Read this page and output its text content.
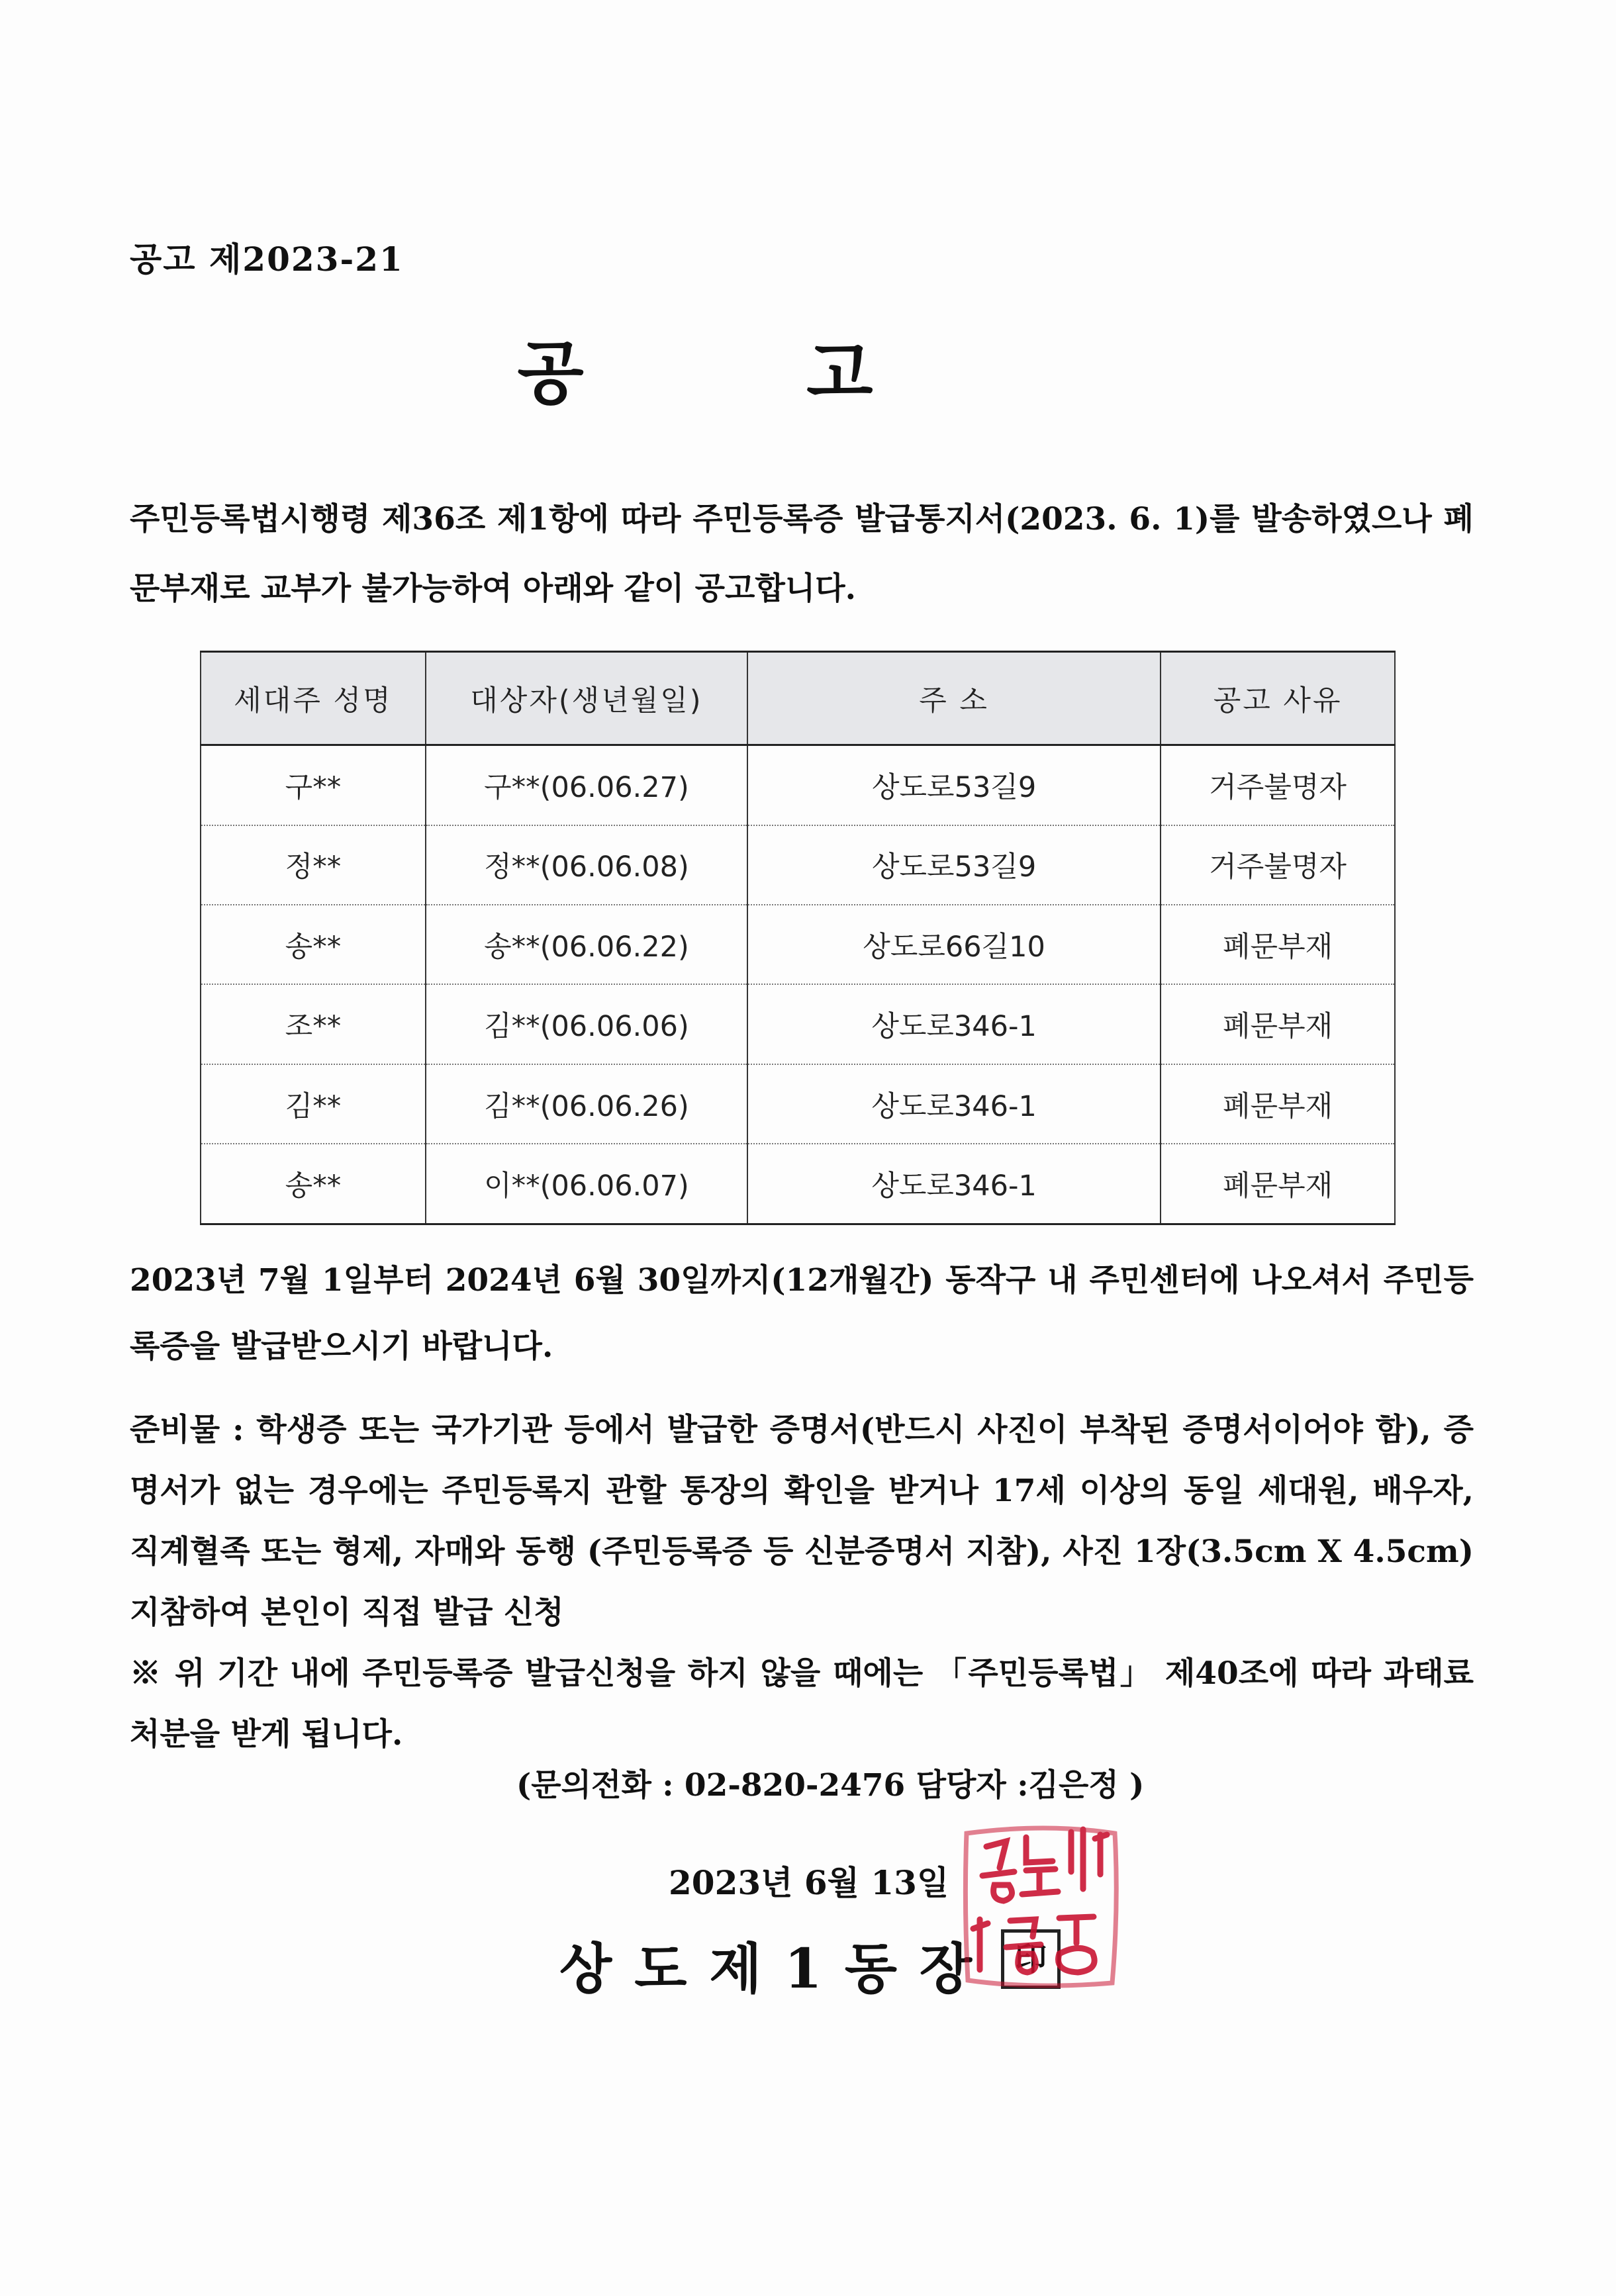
공고 제2023-21
공 고
주민등록법시행령 제36조 제1항에 따라 주민등록증 발급통지서(2023. 6. 1)를 발송하였으나 폐문부재로 교부가 불가능하여 아래와 같이 공고합니다.
세대주 성명	대상자(생년월일)	주 소	공고 사유
구**	구**(06.06.27)	상도로53길9	거주불명자
정**	정**(06.06.08)	상도로53길9	거주불명자
송**	송**(06.06.22)	상도로66길10	폐문부재
조**	김**(06.06.06)	상도로346-1	폐문부재
김**	김**(06.06.26)	상도로346-1	폐문부재
송**	이**(06.06.07)	상도로346-1	폐문부재
2023년 7월 1일부터 2024년 6월 30일까지(12개월간) 동작구 내 주민센터에 나오셔서 주민등록증을 발급받으시기 바랍니다.

준비물 : 학생증 또는 국가기관 등에서 발급한 증명서(반드시 사진이 부착된 증명서이어야 함), 증명서가 없는 경우에는 주민등록지 관할 통장의 확인을 받거나 17세 이상의 동일 세대원, 배우자, 직계혈족 또는 형제, 자매와 동행 (주민등록증 등 신분증명서 지참), 사진 1장(3.5cm X 4.5cm) 지참하여 본인이 직접 발급 신청

※ 위 기간 내에 주민등록증 발급신청을 하지 않을 때에는 「주민등록법」 제40조에 따라 과태료 처분을 받게 됩니다.

(문의전화 : 02-820-2476 담당자 :김은정 )
2023년 6월 13일
상도제1동장 印
